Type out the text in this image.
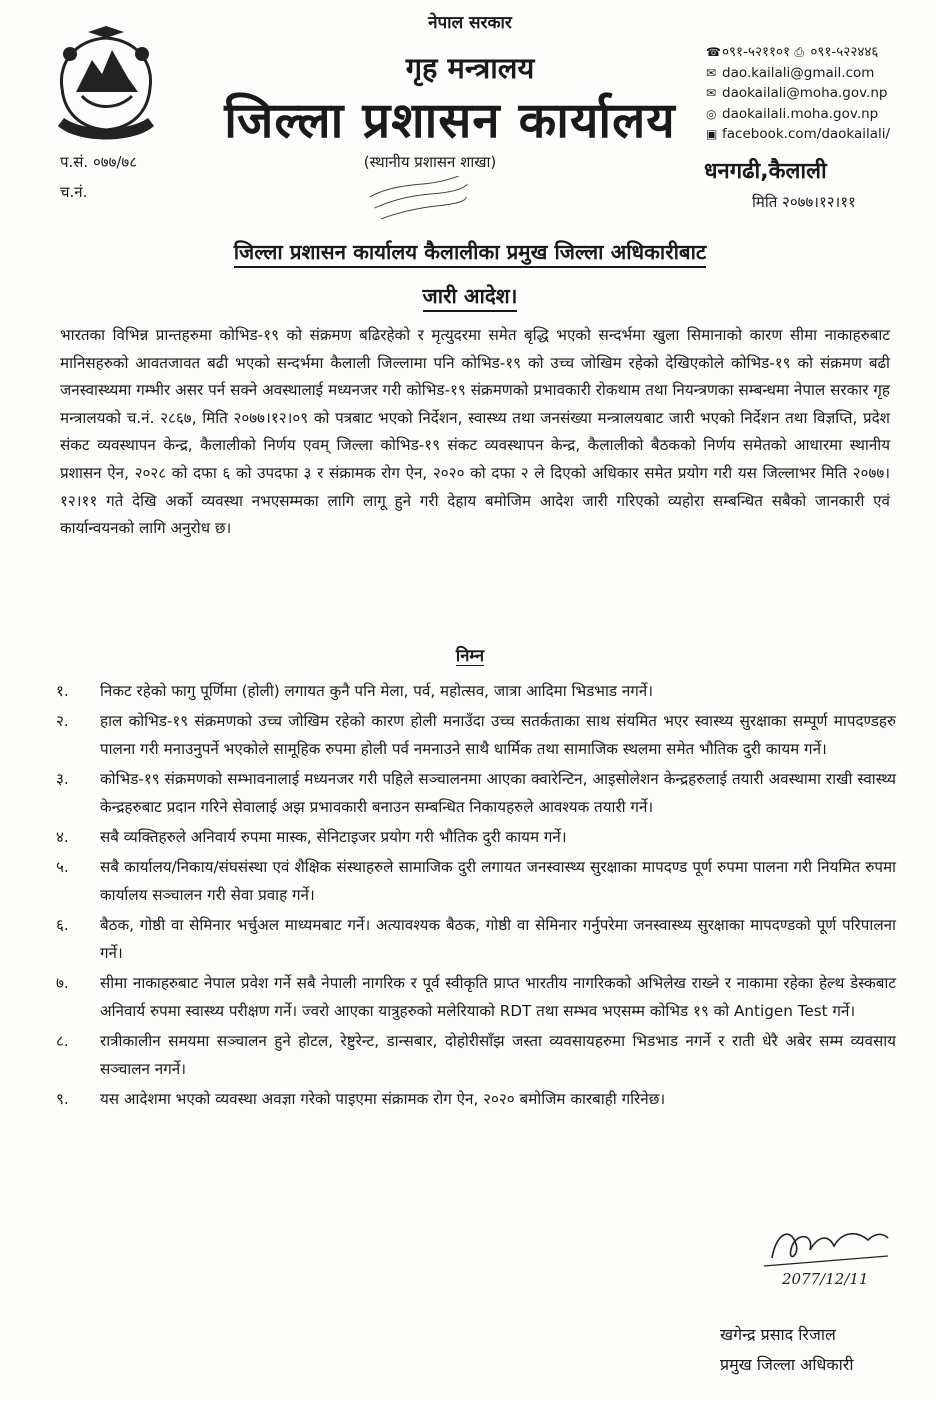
नेपाल सरकार
गृह मन्त्रालय
जिल्ला प्रशासन कार्यालय
(स्थानीय प्रशासन शाखा)
प.सं. ०७७/७८
च.नं.
☎०९१-५२११०१ ⎙ ०९१-५२२४४६
✉ dao.kailali@gmail.com
✉ daokailali@moha.gov.np
◎ daokailali.moha.gov.np
▣ facebook.com/daokailali/
धनगढी,कैलाली
मिति २०७७।१२।११
जिल्ला प्रशासन कार्यालय कैलालीका प्रमुख जिल्ला अधिकारीबाट
जारी आदेश।
भारतका विभिन्न प्रान्तहरुमा कोभिड-१९ को संक्रमण बढिरहेको र मृत्युदरमा समेत बृद्धि भएको सन्दर्भमा खुला सिमानाको कारण सीमा नाकाहरुबाट मानिसहरुको आवतजावत बढी भएको सन्दर्भमा कैलाली जिल्लामा पनि कोभिड-१९ को उच्च जोखिम रहेको देखिएकोले कोभिड-१९ को संक्रमण बढी जनस्वास्थ्यमा गम्भीर असर पर्न सक्ने अवस्थालाई मध्यनजर गरी कोभिड-१९ संक्रमणको प्रभावकारी रोकथाम तथा नियन्त्रणका सम्बन्धमा नेपाल सरकार गृह मन्त्रालयको च.नं. २८६७, मिति २०७७।१२।०९ को पत्रबाट भएको निर्देशन, स्वास्थ्य तथा जनसंख्या मन्त्रालयबाट जारी भएको निर्देशन तथा विज्ञप्ति, प्रदेश संकट व्यवस्थापन केन्द्र, कैलालीको निर्णय एवम् जिल्ला कोभिड-१९ संकट व्यवस्थापन केन्द्र, कैलालीको बैठकको निर्णय समेतको आधारमा स्थानीय प्रशासन ऐन, २०२८ को दफा ६ को उपदफा ३ र संक्रामक रोग ऐन, २०२० को दफा २ ले दिएको अधिकार समेत प्रयोग गरी यस जिल्लाभर मिति २०७७।१२।११ गते देखि अर्को व्यवस्था नभएसम्मका लागि लागू हुने गरी देहाय बमोजिम आदेश जारी गरिएको व्यहोरा सम्बन्धित सबैको जानकारी एवं कार्यान्वयनको लागि अनुरोध छ।
निम्न
१.	निकट रहेको फागु पूर्णिमा (होली) लगायत कुनै पनि मेला, पर्व, महोत्सव, जात्रा आदिमा भिडभाड नगर्ने।
२.	हाल कोभिड-१९ संक्रमणको उच्च जोखिम रहेको कारण होली मनाउँदा उच्च सतर्कताका साथ संयमित भएर स्वास्थ्य सुरक्षाका सम्पूर्ण मापदण्डहरु पालना गरी मनाउनुपर्ने भएकोले सामूहिक रुपमा होली पर्व नमनाउने साथै धार्मिक तथा सामाजिक स्थलमा समेत भौतिक दुरी कायम गर्ने।
३.	कोभिड-१९ संक्रमणको सम्भावनालाई मध्यनजर गरी पहिले सञ्चालनमा आएका क्वारेन्टिन, आइसोलेशन केन्द्रहरुलाई तयारी अवस्थामा राखी स्वास्थ्य केन्द्रहरुबाट प्रदान गरिने सेवालाई अझ प्रभावकारी बनाउन सम्बन्धित निकायहरुले आवश्यक तयारी गर्ने।
४.	सबै व्यक्तिहरुले अनिवार्य रुपमा मास्क, सेनिटाइजर प्रयोग गरी भौतिक दुरी कायम गर्ने।
५.	सबै कार्यालय/निकाय/संघसंस्था एवं शैक्षिक संस्थाहरुले सामाजिक दुरी लगायत जनस्वास्थ्य सुरक्षाका मापदण्ड पूर्ण रुपमा पालना गरी नियमित रुपमा कार्यालय सञ्चालन गरी सेवा प्रवाह गर्ने।
६.	बैठक, गोष्ठी वा सेमिनार भर्चुअल माध्यमबाट गर्ने। अत्यावश्यक बैठक, गोष्ठी वा सेमिनार गर्नुपरेमा जनस्वास्थ्य सुरक्षाका मापदण्डको पूर्ण परिपालना गर्ने।
७.	सीमा नाकाहरुबाट नेपाल प्रवेश गर्ने सबै नेपाली नागरिक र पूर्व स्वीकृति प्राप्त भारतीय नागरिकको अभिलेख राख्ने र नाकामा रहेका हेल्थ डेस्कबाट अनिवार्य रुपमा स्वास्थ्य परीक्षण गर्ने। ज्वरो आएका यात्रुहरुको मलेरियाको RDT तथा सम्भव भएसम्म कोभिड १९ को Antigen Test गर्ने।
८.	रात्रीकालीन समयमा सञ्चालन हुने होटल, रेष्टुरेन्ट, डान्सबार, दोहोरीसाँझ जस्ता व्यवसायहरुमा भिडभाड नगर्ने र राती धेरै अबेर सम्म व्यवसाय सञ्चालन नगर्ने।
९.	यस आदेशमा भएको व्यवस्था अवज्ञा गरेको पाइएमा संक्रामक रोग ऐन, २०२० बमोजिम कारबाही गरिनेछ।
2077/12/11
खगेन्द्र प्रसाद रिजाल
प्रमुख जिल्ला अधिकारी
